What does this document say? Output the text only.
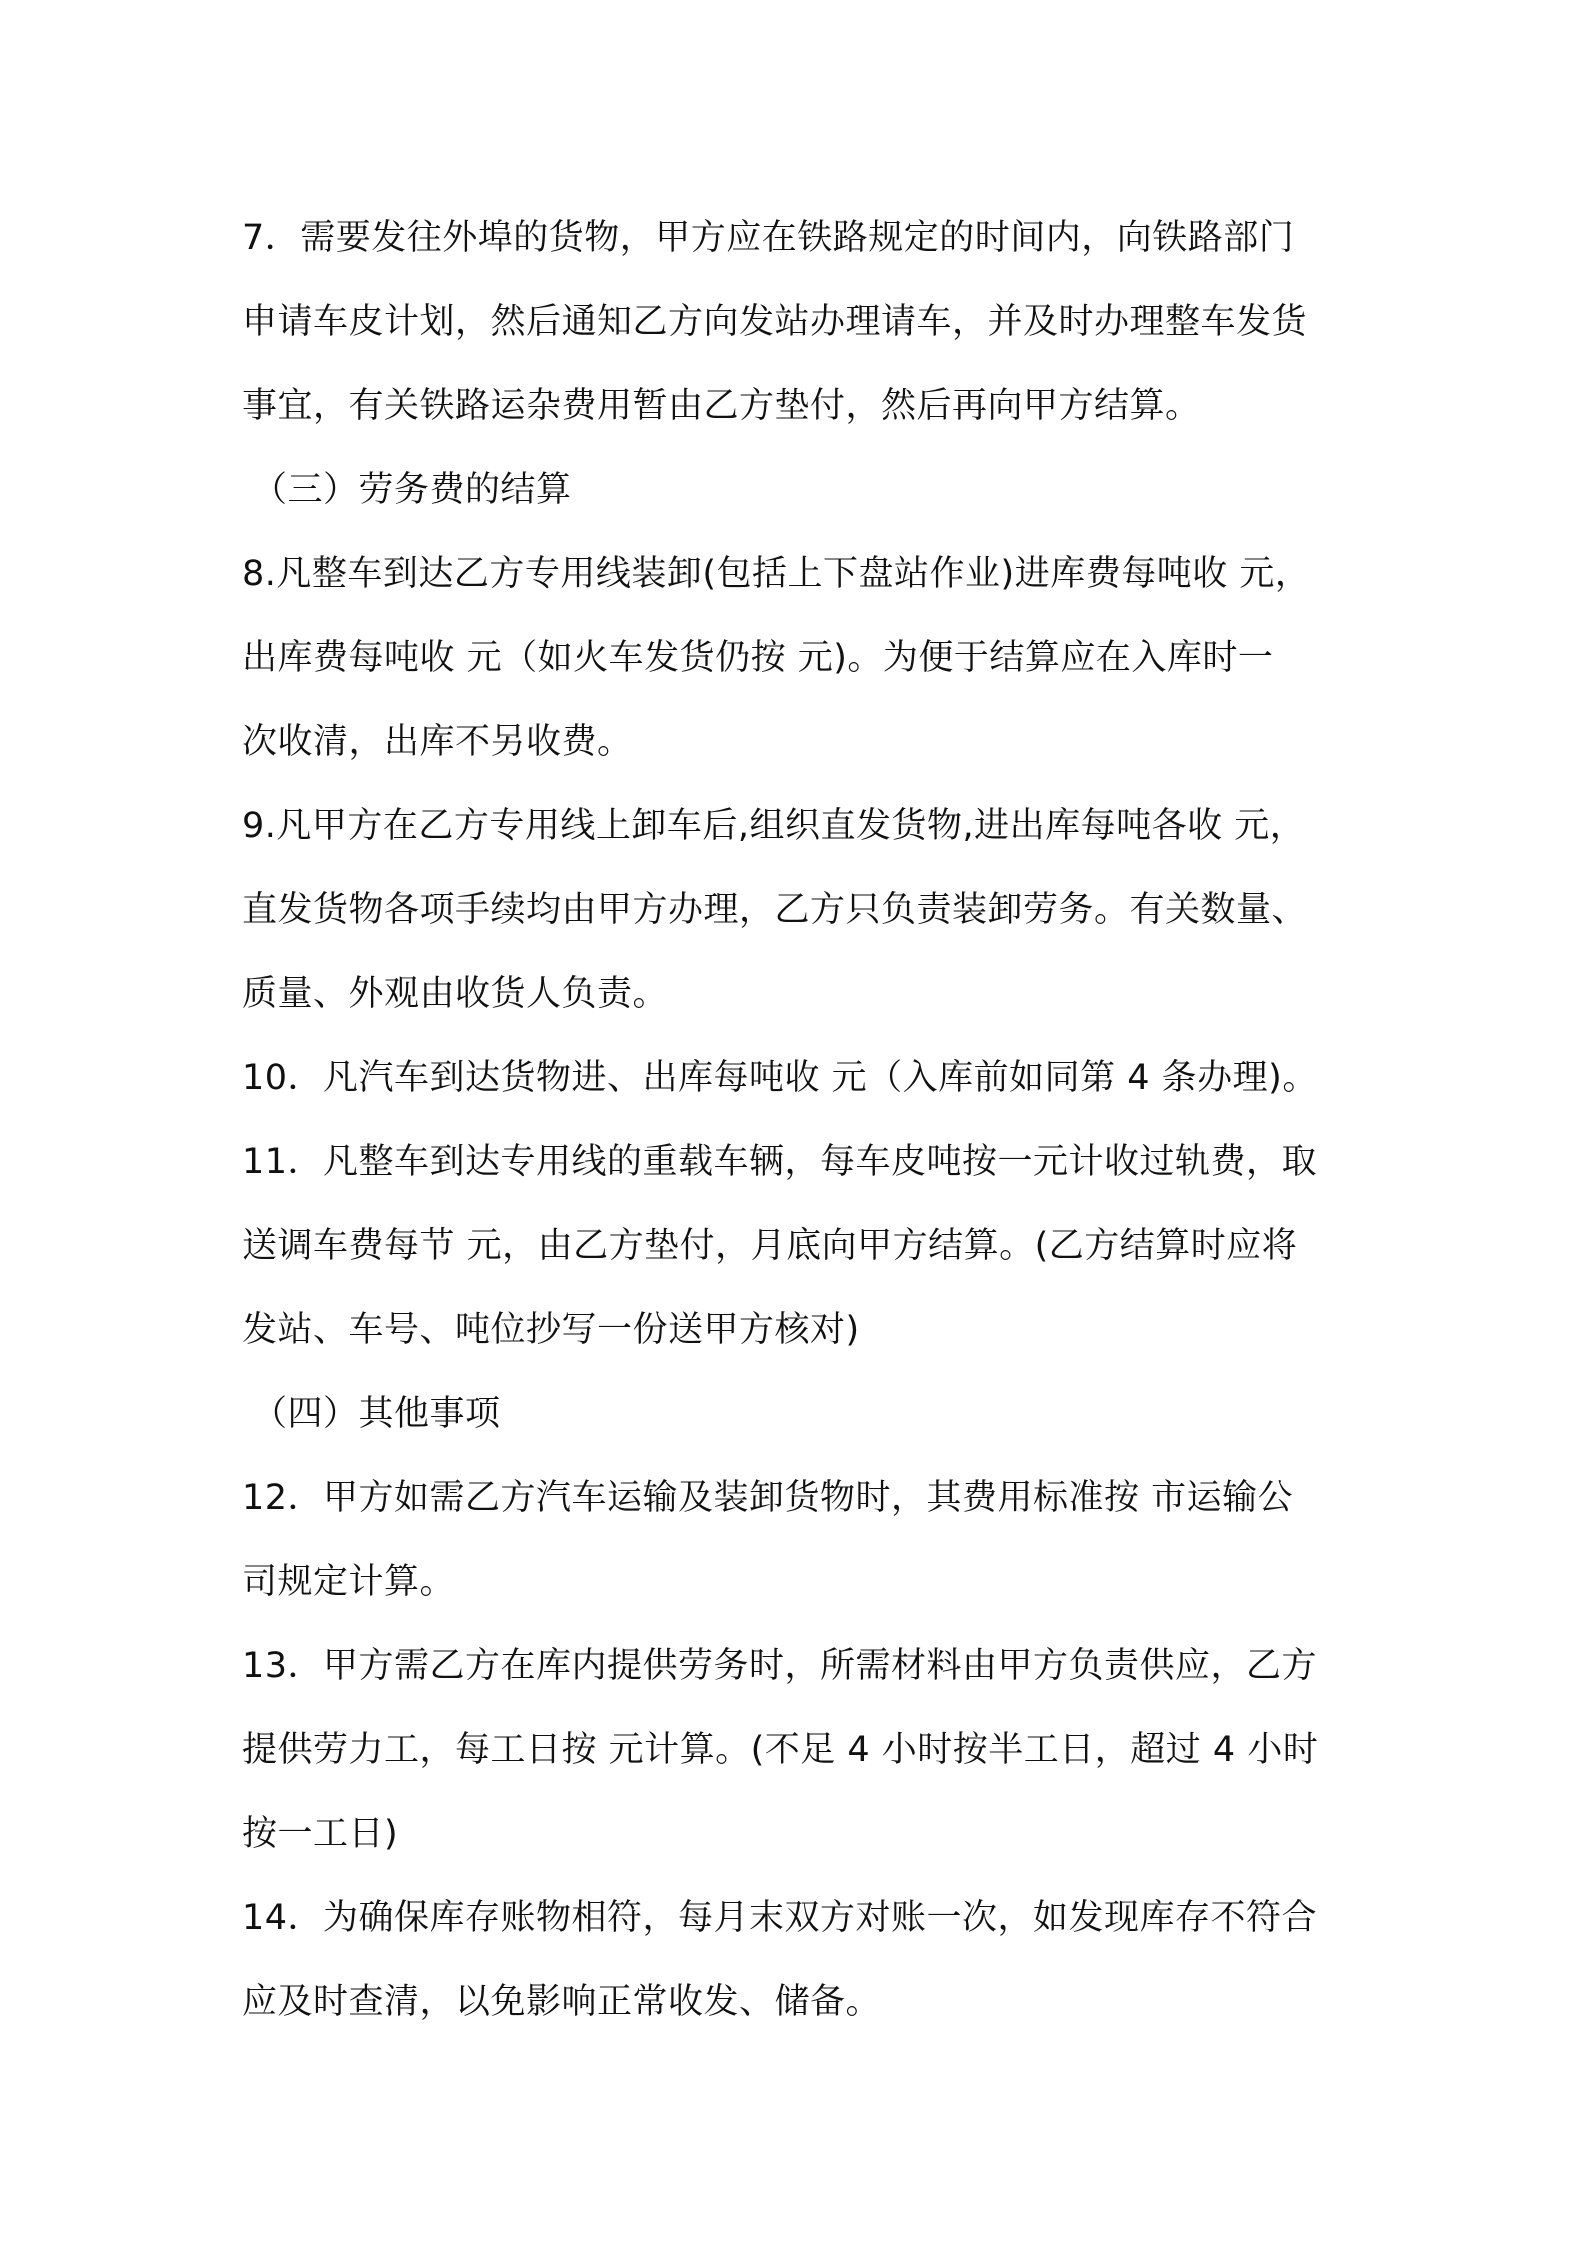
7．需要发往外埠的货物，甲方应在铁路规定的时间内，向铁路部门
申请车皮计划，然后通知乙方向发站办理请车，并及时办理整车发货
事宜，有关铁路运杂费用暂由乙方垫付，然后再向甲方结算。
（三）劳务费的结算
8.凡整车到达乙方专用线装卸(包括上下盘站作业)进库费每吨收 元，
出库费每吨收 元（如火车发货仍按 元)。为便于结算应在入库时一
次收清，出库不另收费。
9.凡甲方在乙方专用线上卸车后,组织直发货物,进出库每吨各收 元，
直发货物各项手续均由甲方办理，乙方只负责装卸劳务。有关数量、
质量、外观由收货人负责。
10．凡汽车到达货物进、出库每吨收 元（入库前如同第 4 条办理)。
11．凡整车到达专用线的重载车辆，每车皮吨按一元计收过轨费，取
送调车费每节 元，由乙方垫付，月底向甲方结算。(乙方结算时应将
发站、车号、吨位抄写一份送甲方核对)
（四）其他事项
12．甲方如需乙方汽车运输及装卸货物时，其费用标准按 市运输公
司规定计算。
13．甲方需乙方在库内提供劳务时，所需材料由甲方负责供应，乙方
提供劳力工，每工日按 元计算。(不足 4 小时按半工日，超过 4 小时
按一工日)
14．为确保库存账物相符，每月末双方对账一次，如发现库存不符合
应及时查清，以免影响正常收发、储备。
